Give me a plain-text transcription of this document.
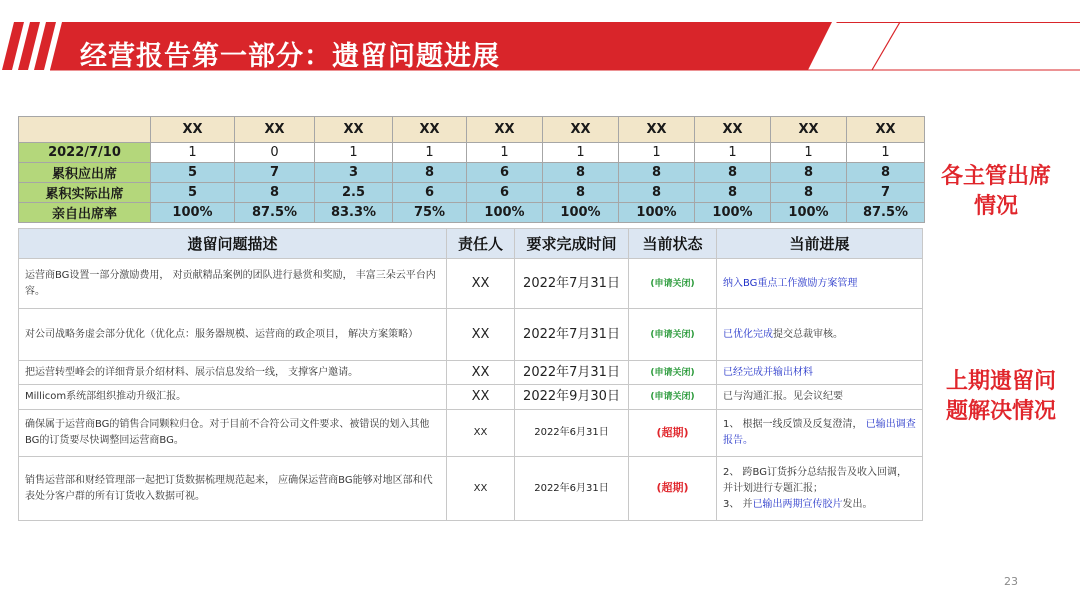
经营报告第一部分：遗留问题进展
	XX	XX	XX	XX	XX	XX	XX	XX	XX	XX
2022/7/10	1	0	1	1	1	1	1	1	1	1
累积应出席	5	7	3	8	6	8	8	8	8	8
累积实际出席	5	8	2.5	6	6	8	8	8	8	7
亲自出席率	100%	87.5%	83.3%	75%	100%	100%	100%	100%	100%	87.5%
各主管出席
情况
遗留问题描述	责任人	要求完成时间	当前状态	当前进展
运营商BG设置一部分激励费用， 对贡献精品案例的团队进行悬赏和奖励， 丰富三朵云平台内容。	XX	2022年7月31日	(申请关闭)	纳入BG重点工作激励方案管理
对公司战略务虚会部分优化（优化点：服务器规模、运营商的政企项目， 解决方案策略）	XX	2022年7月31日	(申请关闭)	已优化完成提交总裁审核。
把运营转型峰会的详细背景介绍材料、展示信息发给一线， 支撑客户邀请。	XX	2022年7月31日	(申请关闭)	已经完成并输出材料
Millicom系统部组织推动升级汇报。	XX	2022年9月30日	(申请关闭)	已与沟通汇报。见会议纪要
确保属于运营商BG的销售合同颗粒归仓。对于目前不合符公司文件要求、被错误的划入其他BG的订货要尽快调整回运营商BG。	XX	2022年6月31日	(超期)	1、 根据一线反馈及反复澄清， 已输出调查报告。
销售运营部和财经管理部一起把订货数据梳理规范起来， 应确保运营商BG能够对地区部和代表处分客户群的所有订货收入数据可视。	XX	2022年6月31日	(超期)	2、 跨BG订货拆分总结报告及收入回调， 并计划进行专题汇报；
3、 并已输出两期宣传胶片发出。
上期遗留问
题解决情况
23
